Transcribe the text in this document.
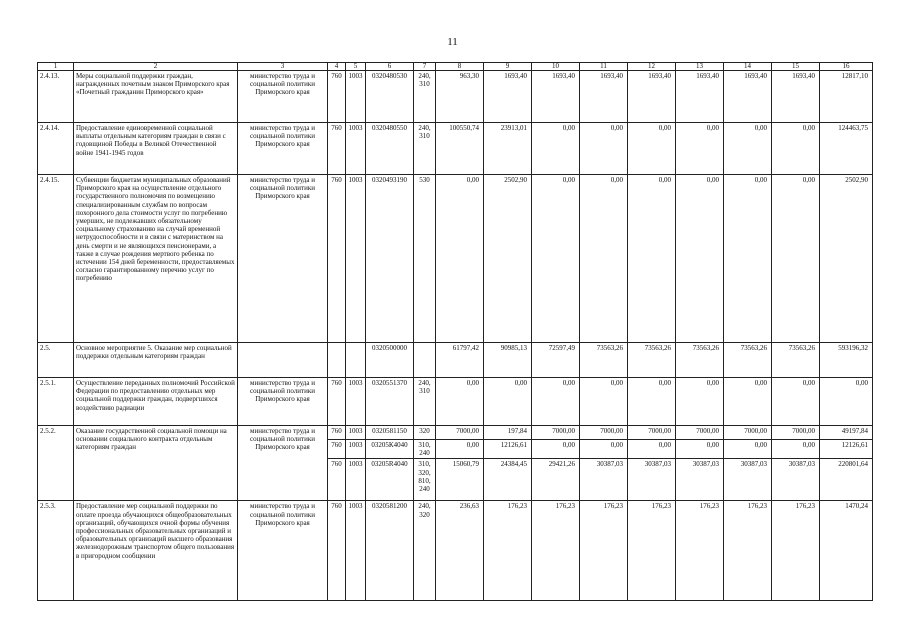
11
1	2	3	4	5	6	7	8	9	10	11	12	13	14	15	16
2.4.13.	Меры социальной поддержки граждан, награжденных почетным знаком Приморского края «Почетный гражданин Приморского края»	министерство труда и социальной политики Приморского края	760	1003	0320480530	240, 310	963,30	1693,40	1693,40	1693,40	1693,40	1693,40	1693,40	1693,40	12817,10
2.4.14.	Предоставление единовременной социальной выплаты отдельным категориям граждан в связи с годовщиной Победы в Великой Отечественной войне 1941-1945 годов	министерство труда и социальной политики Приморского края	760	1003	0320480550	240, 310	100550,74	23913,01	0,00	0,00	0,00	0,00	0,00	0,00	124463,75
2.4.15.	Субвенции бюджетам муниципальных образований Приморского края на осуществление отдельного государственного полномочия по возмещению специализированным службам по вопросам похоронного дела стоимости услуг по погребению умерших, не подлежавших обязательному социальному страхованию на случай временной нетрудоспособности и в связи с материнством на день смерти и не являющихся пенсионерами, а также в случае рождения мертвого ребенка по истечении 154 дней беременности, предоставляемых согласно гарантированному перечню услуг по погребению	министерство труда и социальной политики Приморского края	760	1003	0320493190	530	0,00	2502,90	0,00	0,00	0,00	0,00	0,00	0,00	2502,90
2.5.	Основное мероприятие 5. Оказание мер социальной поддержки отдельным категориям граждан				0320500000		61797,42	90985,13	72597,49	73563,26	73563,26	73563,26	73563,26	73563,26	593196,32
2.5.1.	Осуществление переданных полномочий Российской Федерации по предоставлению отдельных мер социальной поддержки граждан, подвергшихся воздействию радиации	министерство труда и социальной политики Приморского края	760	1003	0320551370	240, 310	0,00	0,00	0,00	0,00	0,00	0,00	0,00	0,00	0,00
2.5.2.	Оказание государственной социальной помощи на основании социального контракта отдельным категориям граждан	министерство труда и социальной политики Приморского края	760	1003	0320581150	320	7000,00	197,84	7000,00	7000,00	7000,00	7000,00	7000,00	7000,00	49197,84
			760	1003	03205К4040	310, 240	0,00	12126,61	0,00	0,00	0,00	0,00	0,00	0,00	12126,61
			760	1003	03205R4040	310, 320, 810, 240	15060,79	24384,45	29421,26	30387,03	30387,03	30387,03	30387,03	30387,03	220801,64
2.5.3.	Предоставление мер социальной поддержки по оплате проезда обучающихся общеобразовательных организаций, обучающихся очной формы обучения профессиональных образовательных организаций и образовательных организаций высшего образования железнодорожным транспортом общего пользования в пригородном сообщении	министерство труда и социальной политики Приморского края	760	1003	0320581200	240, 320	236,63	176,23	176,23	176,23	176,23	176,23	176,23	176,23	1470,24
